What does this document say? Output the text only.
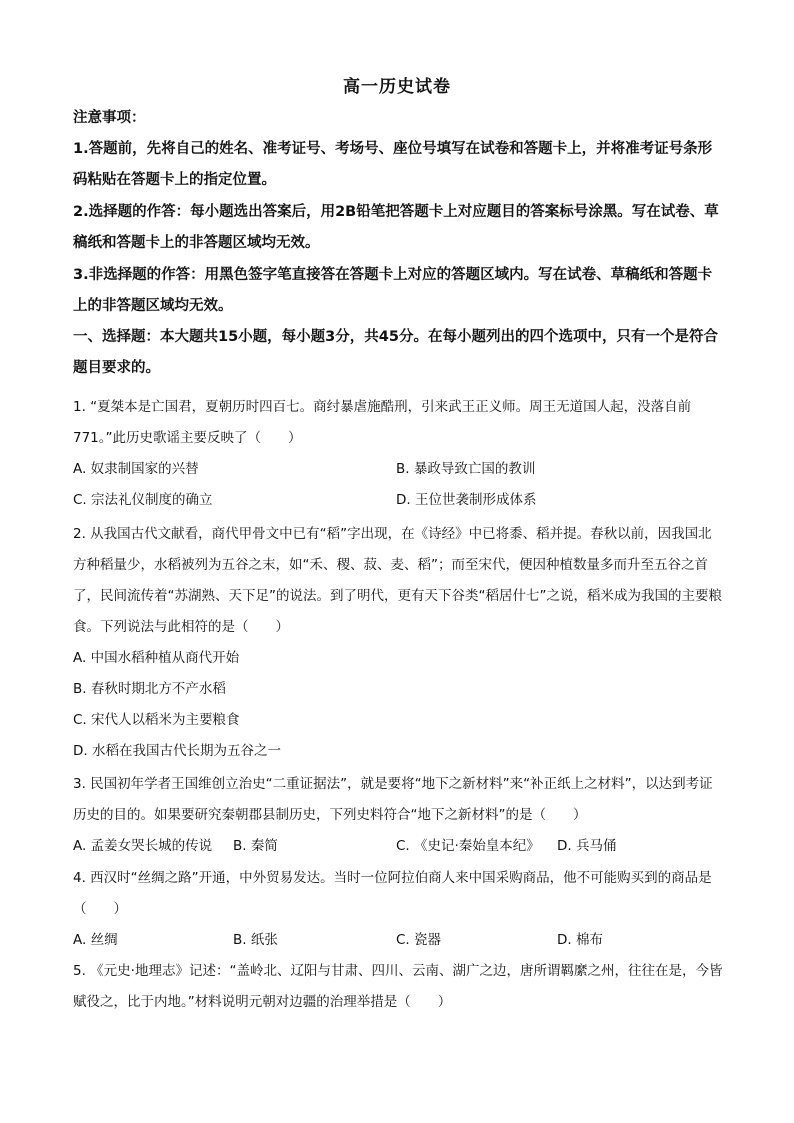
高一历史试卷
注意事项：

1.答题前，先将自己的姓名、准考证号、考场号、座位号填写在试卷和答题卡上，并将准考证号条形码粘贴在答题卡上的指定位置。

2.选择题的作答：每小题选出答案后，用2B铅笔把答题卡上对应题目的答案标号涂黑。写在试卷、草稿纸和答题卡上的非答题区域均无效。

3.非选择题的作答：用黑色签字笔直接答在答题卡上对应的答题区域内。写在试卷、草稿纸和答题卡上的非答题区域均无效。

一、选择题：本大题共15小题，每小题3分，共45分。在每小题列出的四个选项中，只有一个是符合题目要求的。

1. “夏桀本是亡国君，夏朝历时四百七。商纣暴虐施酷刑，引来武王正义师。周王无道国人起，没落自前771。”此历史歌谣主要反映了（　　）

A. 奴隶制国家的兴替	B. 暴政导致亡国的教训
C. 宗法礼仪制度的确立	D. 王位世袭制形成体系

2. 从我国古代文献看，商代甲骨文中已有“稻”字出现，在《诗经》中已将黍、稻并提。春秋以前，因我国北方种稻量少，水稻被列为五谷之末，如“禾、稷、菽、麦、稻”；而至宋代，便因种植数量多而升至五谷之首了，民间流传着“苏湖熟、天下足”的说法。到了明代，更有天下谷类“稻居什七”之说，稻米成为我国的主要粮食。下列说法与此相符的是（　　）

A. 中国水稻种植从商代开始
B. 春秋时期北方不产水稻
C. 宋代人以稻米为主要粮食
D. 水稻在我国古代长期为五谷之一

3. 民国初年学者王国维创立治史“二重证据法”，就是要将“地下之新材料”来“补正纸上之材料”，以达到考证历史的目的。如果要研究秦朝郡县制历史，下列史料符合“地下之新材料”的是（　　）

A. 孟姜女哭长城的传说 B. 秦简	C. 《史记·秦始皇本纪》 D. 兵马俑

4. 西汉时“丝绸之路”开通，中外贸易发达。当时一位阿拉伯商人来中国采购商品，他不可能购买到的商品是（　　）

A. 丝绸	B. 纸张	C. 瓷器	D. 棉布

5. 《元史·地理志》记述：“盖岭北、辽阳与甘肃、四川、云南、湖广之边，唐所谓羁縻之州，往往在是，今皆赋役之，比于内地。”材料说明元朝对边疆的治理举措是（　　）
